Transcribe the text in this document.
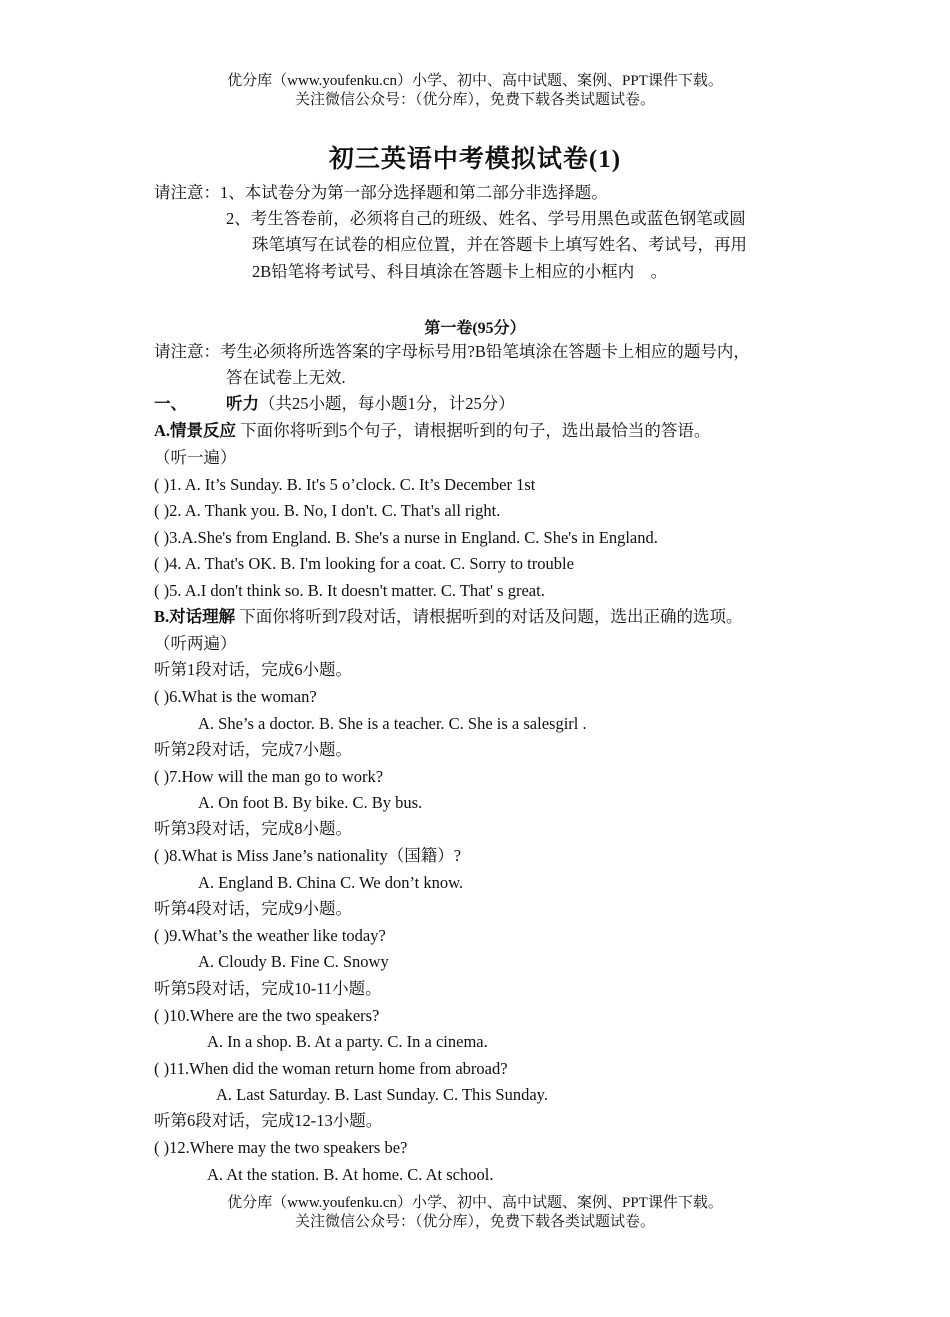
优分库（www.youfenku.cn）小学、初中、高中试题、案例、PPT课件下载。
关注微信公众号：（优分库），免费下载各类试题试卷。
初三英语中考模拟试卷(1)
请注意：1、本试卷分为第一部分选择题和第二部分非选择题。
2、考生答卷前，必须将自己的班级、姓名、学号用黑色或蓝色钢笔或圆
珠笔填写在试卷的相应位置，并在答题卡上填写姓名、考试号，再用
2B铅笔将考试号、科目填涂在答题卡上相应的小框内　。
第一卷(95分）
请注意：考生必须将所选答案的字母标号用?B铅笔填涂在答题卡上相应的题号内，
答在试卷上无效.
一、 听力（共25小题，每小题1分，计25分）
A.情景反应 下面你将听到5个句子，请根据听到的句子，选出最恰当的答语。
（听一遍）
( )1. A. It’s Sunday. B. It's 5 o’clock. C. It’s December 1st
( )2. A. Thank you. B. No, I don't. C. That's all right.
( )3.A.She's from England. B. She's a nurse in England. C. She's in England.
( )4. A. That's OK. B. I'm looking for a coat. C. Sorry to trouble
( )5. A.I don't think so. B. It doesn't matter. C. That' s great.
B.对话理解 下面你将听到7段对话，请根据听到的对话及问题，选出正确的选项。
（听两遍）
听第1段对话，完成6小题。
( )6.What is the woman?
A. She’s a doctor. B. She is a teacher. C. She is a salesgirl .
听第2段对话，完成7小题。
( )7.How will the man go to work?
A. On foot B. By bike. C. By bus.
听第3段对话，完成8小题。
( )8.What is Miss Jane’s nationality（国籍）?
A. England B. China C. We don’t know.
听第4段对话，完成9小题。
( )9.What’s the weather like today?
A. Cloudy B. Fine C. Snowy
听第5段对话，完成10-11小题。
( )10.Where are the two speakers?
A. In a shop. B. At a party. C. In a cinema.
( )11.When did the woman return home from abroad?
A. Last Saturday. B. Last Sunday. C. This Sunday.
听第6段对话，完成12-13小题。
( )12.Where may the two speakers be?
A. At the station. B. At home. C. At school.
优分库（www.youfenku.cn）小学、初中、高中试题、案例、PPT课件下载。
关注微信公众号：（优分库），免费下载各类试题试卷。
